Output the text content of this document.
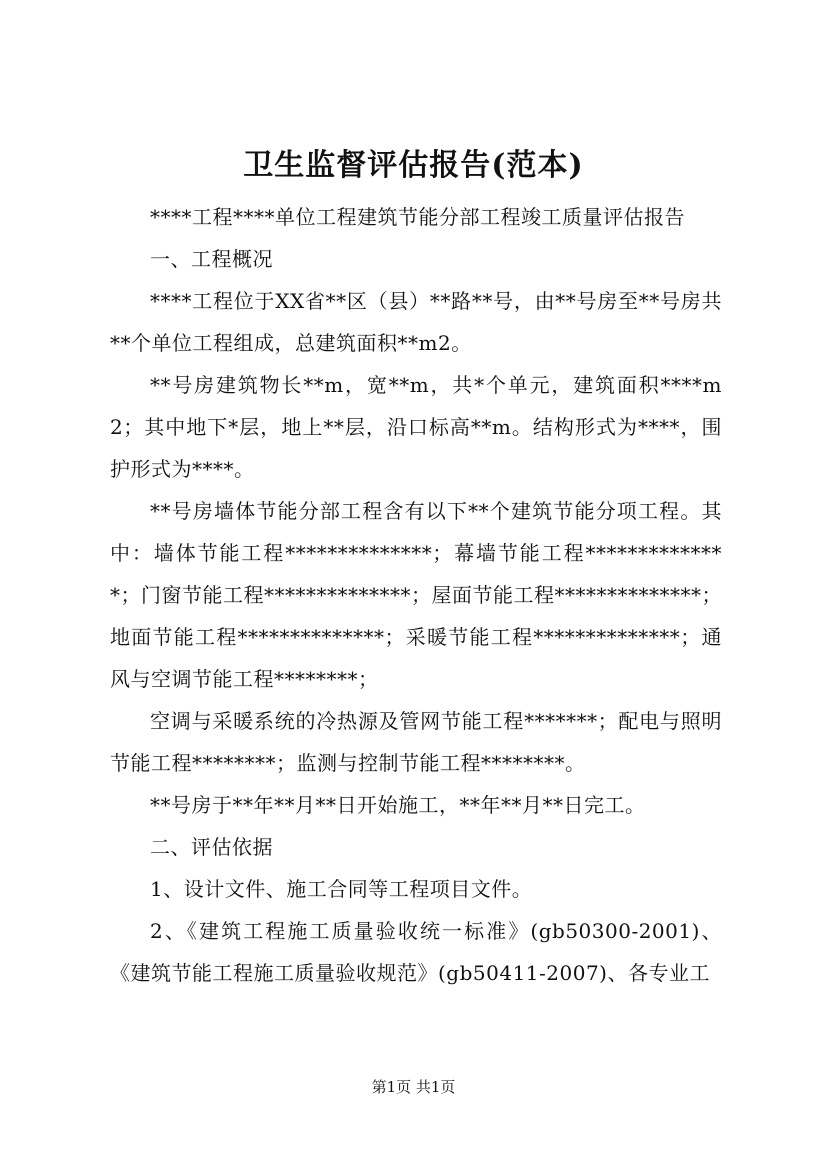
卫生监督评估报告(范本)

****工程****单位工程建筑节能分部工程竣工质量评估报告

一、工程概况

****工程位于XX省**区（县）**路**号，由**号房至**号房共**个单位工程组成，总建筑面积**m2。

**号房建筑物长**m，宽**m，共*个单元，建筑面积****m2；其中地下*层，地上**层，沿口标高**m。结构形式为****，围护形式为****。

**号房墙体节能分部工程含有以下**个建筑节能分项工程。其中：墙体节能工程**************；幕墙节能工程**************；门窗节能工程**************；屋面节能工程**************；地面节能工程**************；采暖节能工程**************；通风与空调节能工程********；

空调与采暖系统的冷热源及管网节能工程*******；配电与照明节能工程********；监测与控制节能工程********。

**号房于**年**月**日开始施工，**年**月**日完工。

二、评估依据

1、设计文件、施工合同等工程项目文件。

2、《建筑工程施工质量验收统一标准》(gb50300-2001)、《建筑节能工程施工质量验收规范》(gb50411-2007)、各专业工

第1页 共1页
